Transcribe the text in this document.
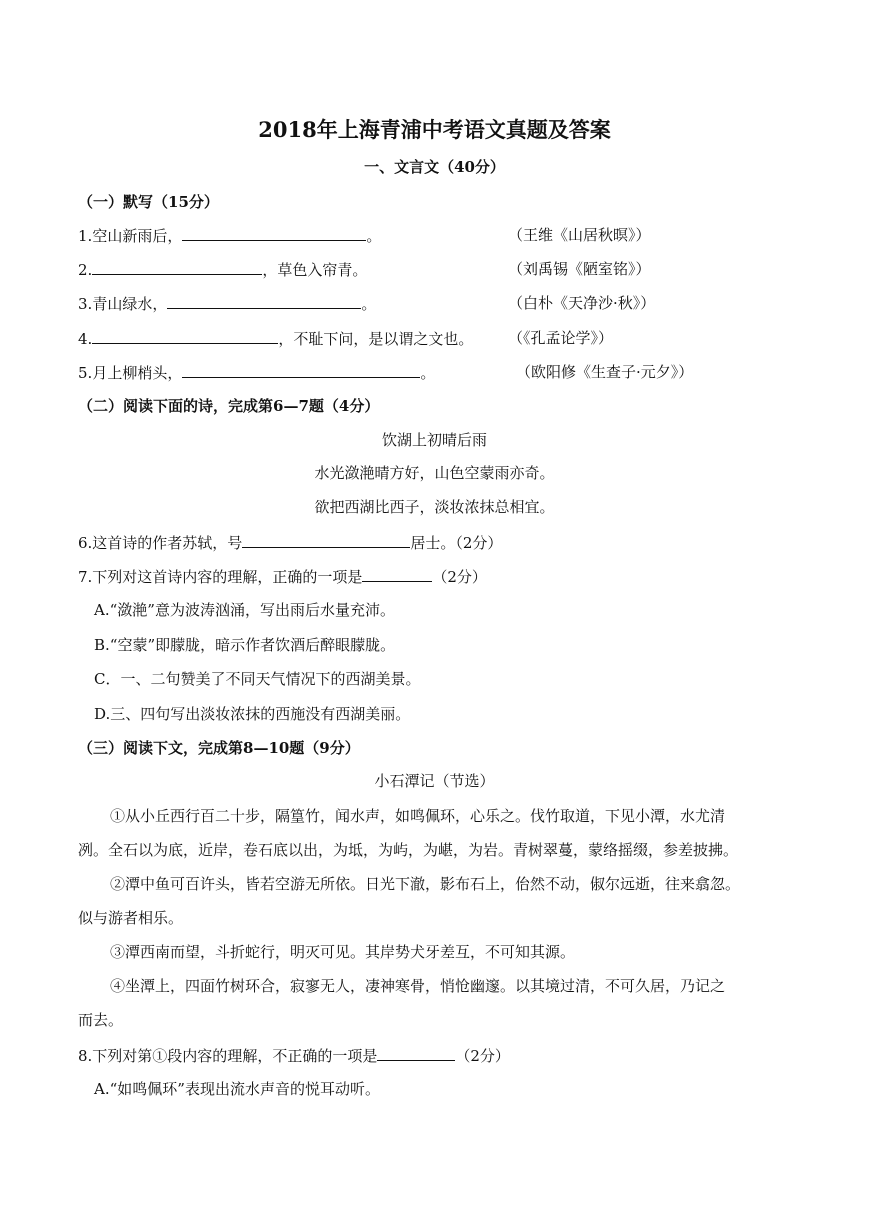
2018年上海青浦中考语文真题及答案
一、文言文（40分）
（一）默写（15分）
1.空山新雨后，	。	（王维《山居秋暝》）
2.	，草色入帘青。	（刘禹锡《陋室铭》）
3.青山绿水，	。	（白朴《天净沙·秋》）
4.	，不耻下问，是以谓之文也。 （《孔孟论学》）
5.月上柳梢头，	。	（欧阳修《生查子·元夕》）
（二）阅读下面的诗，完成第6—7题（4分）
饮湖上初晴后雨
水光潋滟晴方好，山色空蒙雨亦奇。
欲把西湖比西子，淡妆浓抹总相宜。
6.这首诗的作者苏轼，号	居士。（2分）
7.下列对这首诗内容的理解，正确的一项是	（2分）
A.“潋滟”意为波涛汹涌，写出雨后水量充沛。
B.“空蒙”即朦胧，暗示作者饮酒后醉眼朦胧。
C．一、二句赞美了不同天气情况下的西湖美景。
D.三、四句写出淡妆浓抹的西施没有西湖美丽。
（三）阅读下文，完成第8—10题（9分）
小石潭记（节选）
①从小丘西行百二十步，隔篁竹，闻水声，如鸣佩环，心乐之。伐竹取道，下见小潭，水尤清
冽。全石以为底，近岸，卷石底以出，为坻，为屿，为嵁，为岩。青树翠蔓，蒙络摇缀，参差披拂。
②潭中鱼可百许头，皆若空游无所依。日光下澈，影布石上，佁然不动，俶尔远逝，往来翕忽。
似与游者相乐。
③潭西南而望，斗折蛇行，明灭可见。其岸势犬牙差互，不可知其源。
④坐潭上，四面竹树环合，寂寥无人，凄神寒骨，悄怆幽邃。以其境过清，不可久居，乃记之
而去。
8.下列对第①段内容的理解，不正确的一项是	（2分）
A.“如鸣佩环”表现出流水声音的悦耳动听。
